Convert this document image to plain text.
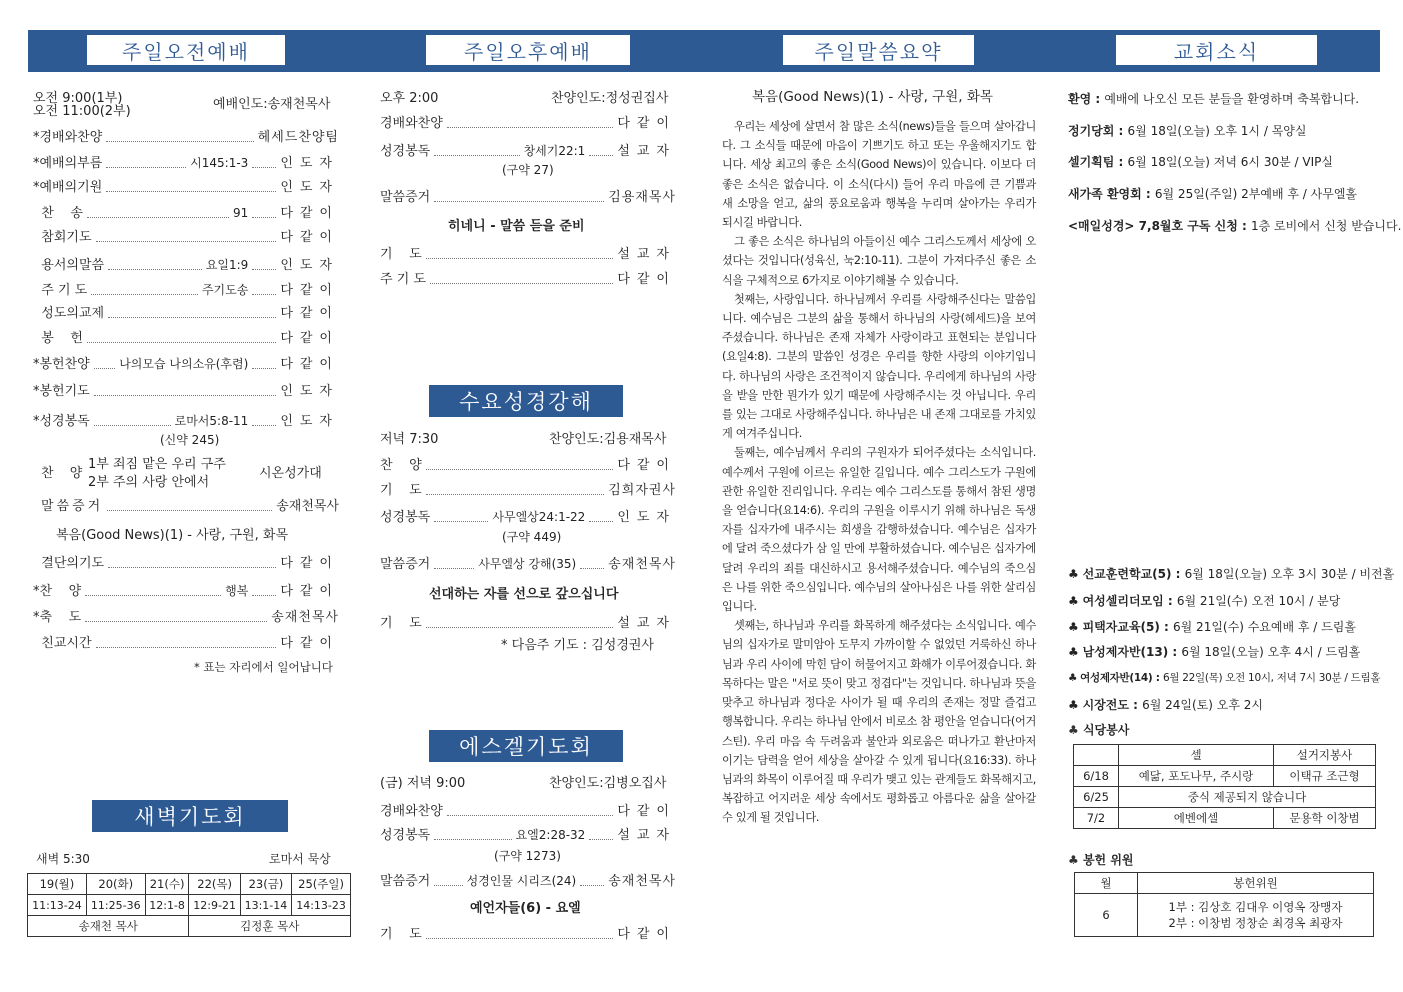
주일오전예배	주일오후예배	주일말씀요약	교회소식
오전 9:00(1부)
오전 11:00(2부)	예배인도:송재천목사
*경배와찬양	헤세드찬양팀
*예배의부름	시145:1-3 인도자
*예배의기원	인도자
찬    송	91 다같이
참회기도	다같이
용서의말씀	요일1:9 인도자
주 기 도	주기도송 다같이
성도의교제	다같이
봉    헌	다같이
*봉헌찬양 나의모습 나의소유(후렴) 다같이
*봉헌기도	인도자
*성경봉독	로마서5:8-11 인도자
(신약 245)
찬 양
1부 죄짐 맡은 우리 구주
2부 주의 사랑 안에서
시온성가대
말씀증거	송재천목사
복음(Good News)(1) - 사랑, 구원, 화목
결단의기도	다같이
*찬    양	행복 다같이
*축    도	송재천목사
친교시간	다같이
* 표는 자리에서 일어납니다
새벽기도회
새벽 5:30	로마서 묵상
19(월)	20(화)	21(수)	22(목)	23(금)	25(주일)
11:13-24	11:25-36	12:1-8	12:9-21	13:1-14	14:13-23
송재천 목사			김정훈 목사		
오후 2:00	찬양인도:정성권집사
경배와찬양	다같이
성경봉독	창세기22:1 설교자
(구약 27)
말씀증거	김용재목사
히네니 - 말씀 듣을 준비
기    도	설교자
주 기 도	다같이
수요성경강해
저녁 7:30	찬양인도:김용재목사
찬    양	다같이
기    도	김희자권사
성경봉독	사무엘상24:1-22 인도자
(구약 449)
말씀증거	사무엘상 강해(35) 송재천목사
선대하는 자를 선으로 갚으십니다
기    도	설교자
* 다음주 기도 : 김성경권사
에스겔기도회
(금) 저녁 9:00	찬양인도:김병오집사
경배와찬양	다같이
성경봉독	요엘2:28-32 설교자
(구약 1273)
말씀증거	성경인물 시리즈(24) 송재천목사
예언자들(6) - 요엘
기    도	다같이
복음(Good News)(1) - 사랑, 구원, 화목

우리는 세상에 살면서 참 많은 소식(news)들을 들으며 살아갑니다. 그 소식들 때문에 마음이 기쁘기도 하고 또는 우울해지기도 합니다. 세상 최고의 좋은 소식(Good News)이 있습니다. 이보다 더 좋은 소식은 없습니다. 이 소식(다시) 들어 우리 마음에 큰 기쁨과 새 소망을 얻고, 삶의 풍요로움과 행복을 누리며 살아가는 우리가 되시길 바랍니다.

그 좋은 소식은 하나님의 아들이신 예수 그리스도께서 세상에 오셨다는 것입니다(성육신, 눅2:10-11). 그분이 가져다주신 좋은 소식을 구체적으로 6가지로 이야기해볼 수 있습니다.

첫째는, 사랑입니다. 하나님께서 우리를 사랑해주신다는 말씀입니다. 예수님은 그분의 삶을 통해서 하나님의 사랑(헤세드)을 보여주셨습니다. 하나님은 존재 자체가 사랑이라고 표현되는 분입니다(요일4:8). 그분의 말씀인 성경은 우리를 향한 사랑의 이야기입니다. 하나님의 사랑은 조건적이지 않습니다. 우리에게 하나님의 사랑을 받을 만한 뭔가가 있기 때문에 사랑해주시는 것 아닙니다. 우리를 있는 그대로 사랑해주십니다. 하나님은 내 존재 그대로를 가치있게 여겨주십니다.

둘째는, 예수님께서 우리의 구원자가 되어주셨다는 소식입니다. 예수께서 구원에 이르는 유일한 길입니다. 예수 그리스도가 구원에 관한 유일한 진리입니다. 우리는 예수 그리스도를 통해서 참된 생명을 얻습니다(요14:6). 우리의 구원을 이루시기 위해 하나님은 독생자를 십자가에 내주시는 희생을 감행하셨습니다. 예수님은 십자가에 달려 죽으셨다가 삼 일 만에 부활하셨습니다. 예수님은 십자가에 달려 우리의 죄를 대신하시고 용서해주셨습니다. 예수님의 죽으심은 나를 위한 죽으심입니다. 예수님의 살아나심은 나를 위한 살리심입니다.

셋째는, 하나님과 우리를 화목하게 해주셨다는 소식입니다. 예수님의 십자가로 말미암아 도무지 가까이할 수 없었던 거룩하신 하나님과 우리 사이에 막힌 담이 허물어지고 화해가 이루어졌습니다. 화목하다는 말은 "서로 뜻이 맞고 정겹다"는 것입니다. 하나님과 뜻을 맞추고 하나님과 정다운 사이가 될 때 우리의 존재는 정말 즐겁고 행복합니다. 우리는 하나님 안에서 비로소 참 평안을 얻습니다(어거스틴). 우리 마음 속 두려움과 불안과 외로움은 떠나가고 환난마저 이기는 담력을 얻어 세상을 살아갈 수 있게 됩니다(요16:33). 하나님과의 화목이 이루어질 때 우리가 맺고 있는 관계들도 화목해지고, 복잡하고 어지러운 세상 속에서도 평화롭고 아름다운 삶을 살아갈 수 있게 될 것입니다.

환영 : 예배에 나오신 모든 분들을 환영하며 축복합니다.
정기당회 : 6월 18일(오늘) 오후 1시 / 목양실
셀기획팀 : 6월 18일(오늘) 저녁 6시 30분 / VIP실
새가족 환영회 : 6월 25일(주일) 2부예배 후 / 사무엘홀
<매일성경> 7,8월호 구독 신청 : 1층 로비에서 신청 받습니다.
♣ 선교훈련학교(5) : 6월 18일(오늘) 오후 3시 30분 / 비전홀
♣ 여성셀리더모임 : 6월 21일(수) 오전 10시 / 분당
♣ 피택자교육(5) : 6월 21일(수) 수요예배 후 / 드림홀
♣ 남성제자반(13) : 6월 18일(오늘) 오후 4시 / 드림홀
♣ 여성제자반(14) : 6월 22일(목) 오전 10시, 저녁 7시 30분 / 드림홀
♣ 시장전도 : 6월 24일(토) 오후 2시
♣ 식당봉사
	셀	설거지봉사
6/18	예닮, 포도나무, 주시랑	이택규 조근형
6/25	중식 제공되지 않습니다	
7/2	에벤에셀	문용학 이창범
♣ 봉헌 위원
월	봉헌위원
6	1부 : 김상호 김대우 이영옥 장맹자
2부 : 이창범 정창순 최경옥 최광자
